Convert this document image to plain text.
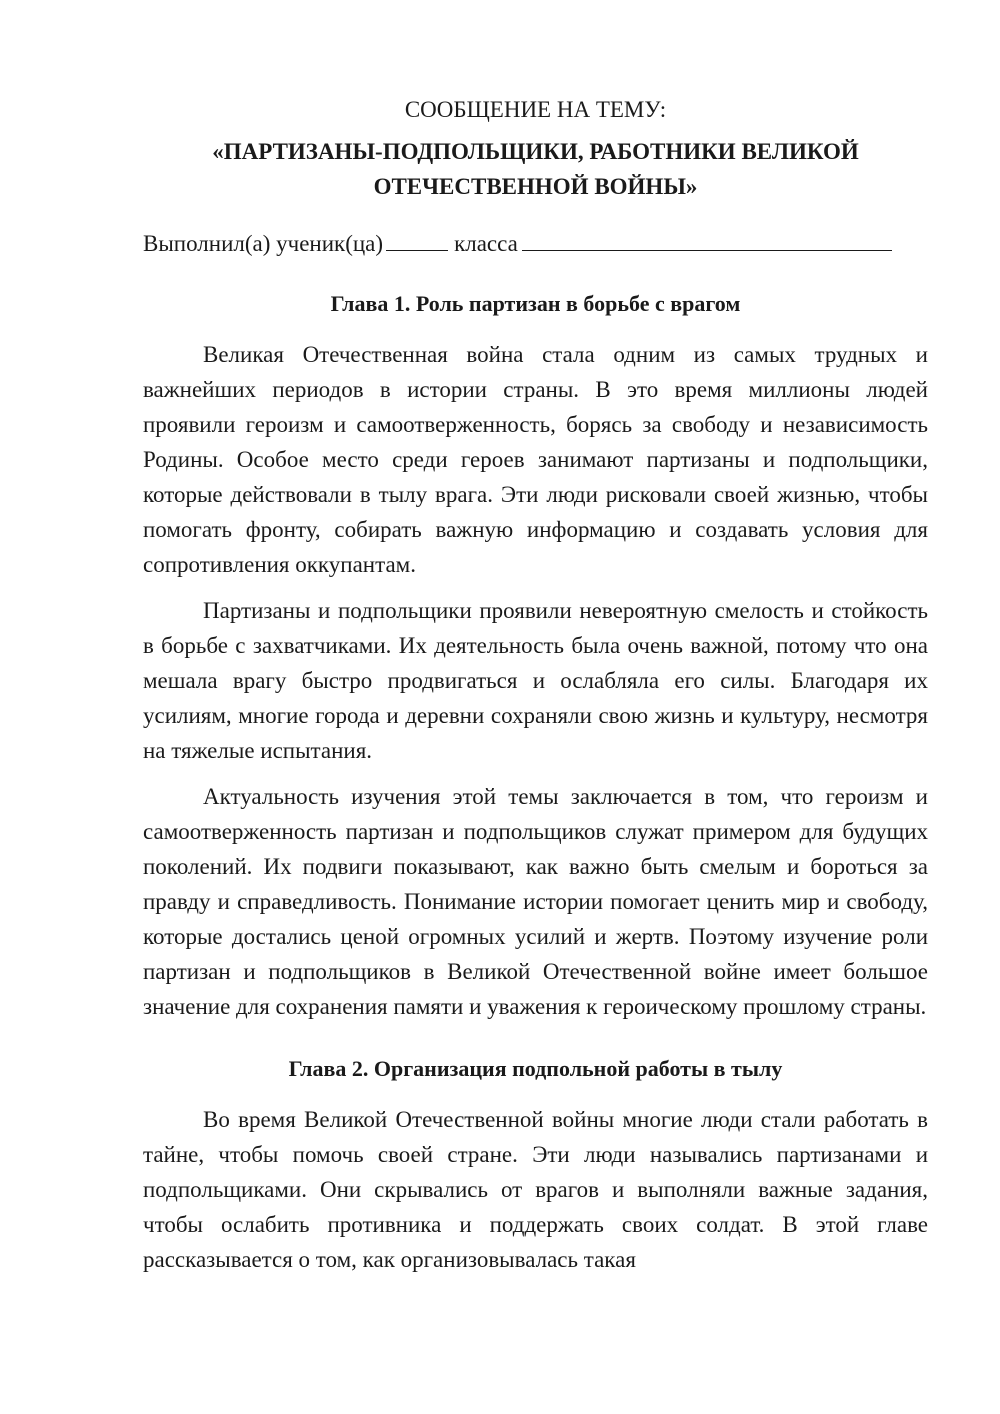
СООБЩЕНИЕ НА ТЕМУ:

«ПАРТИЗАНЫ-ПОДПОЛЬЩИКИ, РАБОТНИКИ ВЕЛИКОЙ

ОТЕЧЕСТВЕННОЙ ВОЙНЫ»

Выполнил(а) ученик(ца)	класса
Глава 1. Роль партизан в борьбе с врагом

Великая Отечественная война стала одним из самых трудных и важнейших периодов в истории страны. В это время миллионы людей проявили героизм и самоотверженность, борясь за свободу и независимость Родины. Особое место среди героев занимают партизаны и подпольщики, которые действовали в тылу врага. Эти люди рисковали своей жизнью, чтобы помогать фронту, собирать важную информацию и создавать условия для сопротивления оккупантам.

Партизаны и подпольщики проявили невероятную смелость и стойкость в борьбе с захватчиками. Их деятельность была очень важной, потому что она мешала врагу быстро продвигаться и ослабляла его силы. Благодаря их усилиям, многие города и деревни сохраняли свою жизнь и культуру, несмотря на тяжелые испытания.

Актуальность изучения этой темы заключается в том, что героизм и самоотверженность партизан и подпольщиков служат примером для будущих поколений. Их подвиги показывают, как важно быть смелым и бороться за правду и справедливость. Понимание истории помогает ценить мир и свободу, которые достались ценой огромных усилий и жертв. Поэтому изучение роли партизан и подпольщиков в Великой Отечественной войне имеет большое значение для сохранения памяти и уважения к героическому прошлому страны.

Глава 2. Организация подпольной работы в тылу

Во время Великой Отечественной войны многие люди стали работать в тайне, чтобы помочь своей стране. Эти люди назывались партизанами и подпольщиками. Они скрывались от врагов и выполняли важные задания, чтобы ослабить противника и поддержать своих солдат. В этой главе рассказывается о том, как организовывалась такая
